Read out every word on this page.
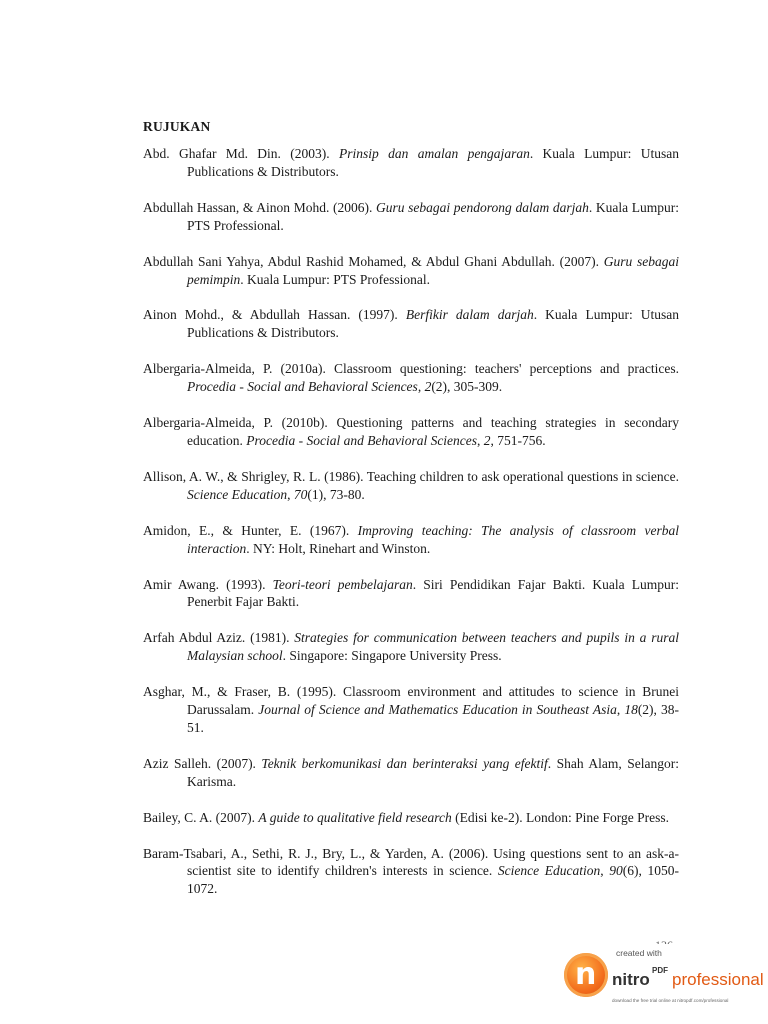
RUJUKAN

Abd. Ghafar Md. Din. (2003). Prinsip dan amalan pengajaran. Kuala Lumpur: Utusan Publications & Distributors.

Abdullah Hassan, & Ainon Mohd. (2006). Guru sebagai pendorong dalam darjah. Kuala Lumpur: PTS Professional.

Abdullah Sani Yahya, Abdul Rashid Mohamed, & Abdul Ghani Abdullah. (2007). Guru sebagai pemimpin. Kuala Lumpur: PTS Professional.

Ainon Mohd., & Abdullah Hassan. (1997). Berfikir dalam darjah. Kuala Lumpur: Utusan Publications & Distributors.

Albergaria-Almeida, P. (2010a). Classroom questioning: teachers' perceptions and practices. Procedia - Social and Behavioral Sciences, 2(2), 305-309.

Albergaria-Almeida, P. (2010b). Questioning patterns and teaching strategies in secondary education. Procedia - Social and Behavioral Sciences, 2, 751-756.

Allison, A. W., & Shrigley, R. L. (1986). Teaching children to ask operational questions in science. Science Education, 70(1), 73-80.

Amidon, E., & Hunter, E. (1967). Improving teaching: The analysis of classroom verbal interaction. NY: Holt, Rinehart and Winston.

Amir Awang. (1993). Teori-teori pembelajaran. Siri Pendidikan Fajar Bakti. Kuala Lumpur: Penerbit Fajar Bakti.

Arfah Abdul Aziz. (1981). Strategies for communication between teachers and pupils in a rural Malaysian school. Singapore: Singapore University Press.

Asghar, M., & Fraser, B. (1995). Classroom environment and attitudes to science in Brunei Darussalam. Journal of Science and Mathematics Education in Southeast Asia, 18(2), 38-51.

Aziz Salleh. (2007). Teknik berkomunikasi dan berinteraksi yang efektif. Shah Alam, Selangor: Karisma.

Bailey, C. A. (2007). A guide to qualitative field research (Edisi ke-2). London: Pine Forge Press.

Baram-Tsabari, A., Sethi, R. J., Bry, L., & Yarden, A. (2006). Using questions sent to an ask-a-scientist site to identify children's interests in science. Science Education, 90(6), 1050-1072.

n
created with
nitro PDF professional
download the free trial online at nitropdf.com/professional
